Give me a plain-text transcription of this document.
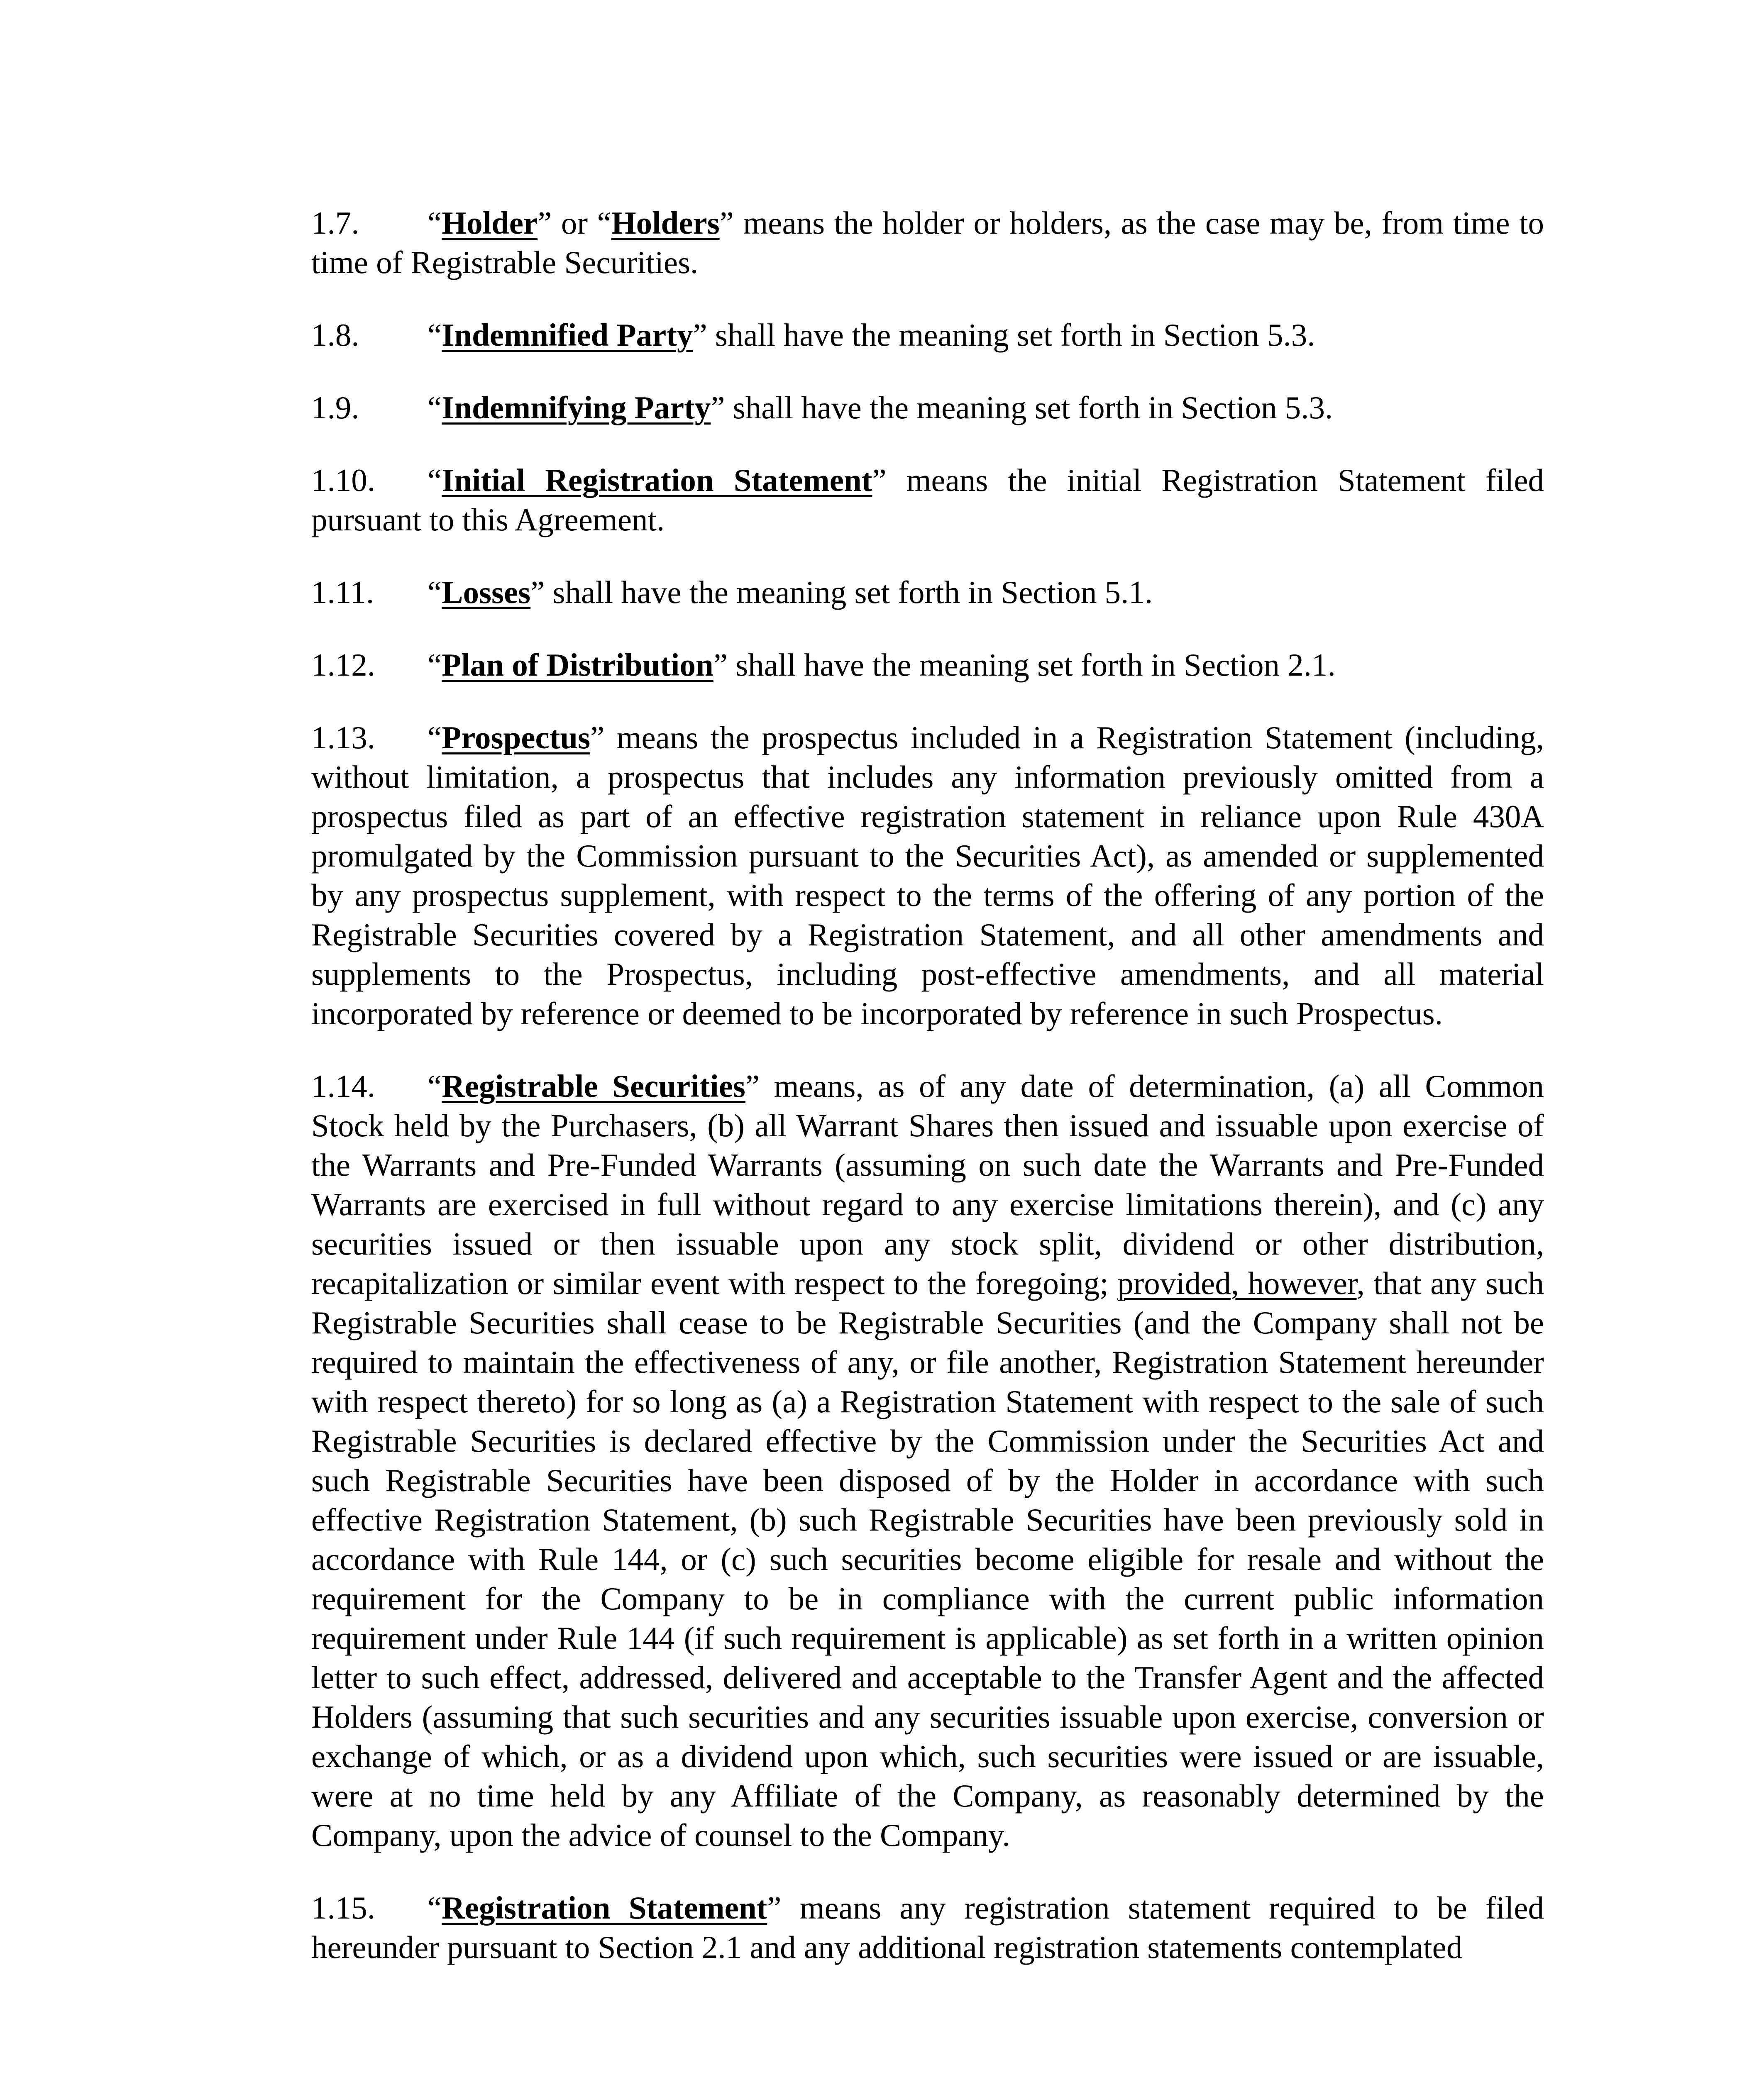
1.7. “Holder” or “Holders” means the holder or holders, as the case may be, from time to time of Registrable Securities.

1.8. “Indemnified Party” shall have the meaning set forth in Section 5.3.

1.9. “Indemnifying Party” shall have the meaning set forth in Section 5.3.

1.10. “Initial Registration Statement” means the initial Registration Statement filed pursuant to this Agreement.

1.11. “Losses” shall have the meaning set forth in Section 5.1.

1.12. “Plan of Distribution” shall have the meaning set forth in Section 2.1.

1.13. “Prospectus” means the prospectus included in a Registration Statement (including, without limitation, a prospectus that includes any information previously omitted from a prospectus filed as part of an effective registration statement in reliance upon Rule 430A promulgated by the Commission pursuant to the Securities Act), as amended or supplemented by any prospectus supplement, with respect to the terms of the offering of any portion of the Registrable Securities covered by a Registration Statement, and all other amendments and supplements to the Prospectus, including post-effective amendments, and all material incorporated by reference or deemed to be incorporated by reference in such Prospectus.

1.14. “Registrable Securities” means, as of any date of determination, (a) all Common Stock held by the Purchasers, (b) all Warrant Shares then issued and issuable upon exercise of the Warrants and Pre-Funded Warrants (assuming on such date the Warrants and Pre-Funded Warrants are exercised in full without regard to any exercise limitations therein), and (c) any securities issued or then issuable upon any stock split, dividend or other distribution, recapitalization or similar event with respect to the foregoing; provided, however, that any such Registrable Securities shall cease to be Registrable Securities (and the Company shall not be required to maintain the effectiveness of any, or file another, Registration Statement hereunder with respect thereto) for so long as (a) a Registration Statement with respect to the sale of such Registrable Securities is declared effective by the Commission under the Securities Act and such Registrable Securities have been disposed of by the Holder in accordance with such effective Registration Statement, (b) such Registrable Securities have been previously sold in accordance with Rule 144, or (c) such securities become eligible for resale and without the requirement for the Company to be in compliance with the current public information requirement under Rule 144 (if such requirement is applicable) as set forth in a written opinion letter to such effect, addressed, delivered and acceptable to the Transfer Agent and the affected Holders (assuming that such securities and any securities issuable upon exercise, conversion or exchange of which, or as a dividend upon which, such securities were issued or are issuable, were at no time held by any Affiliate of the Company, as reasonably determined by the Company, upon the advice of counsel to the Company.

1.15. “Registration Statement” means any registration statement required to be filed hereunder pursuant to Section 2.1 and any additional registration statements contemplated
